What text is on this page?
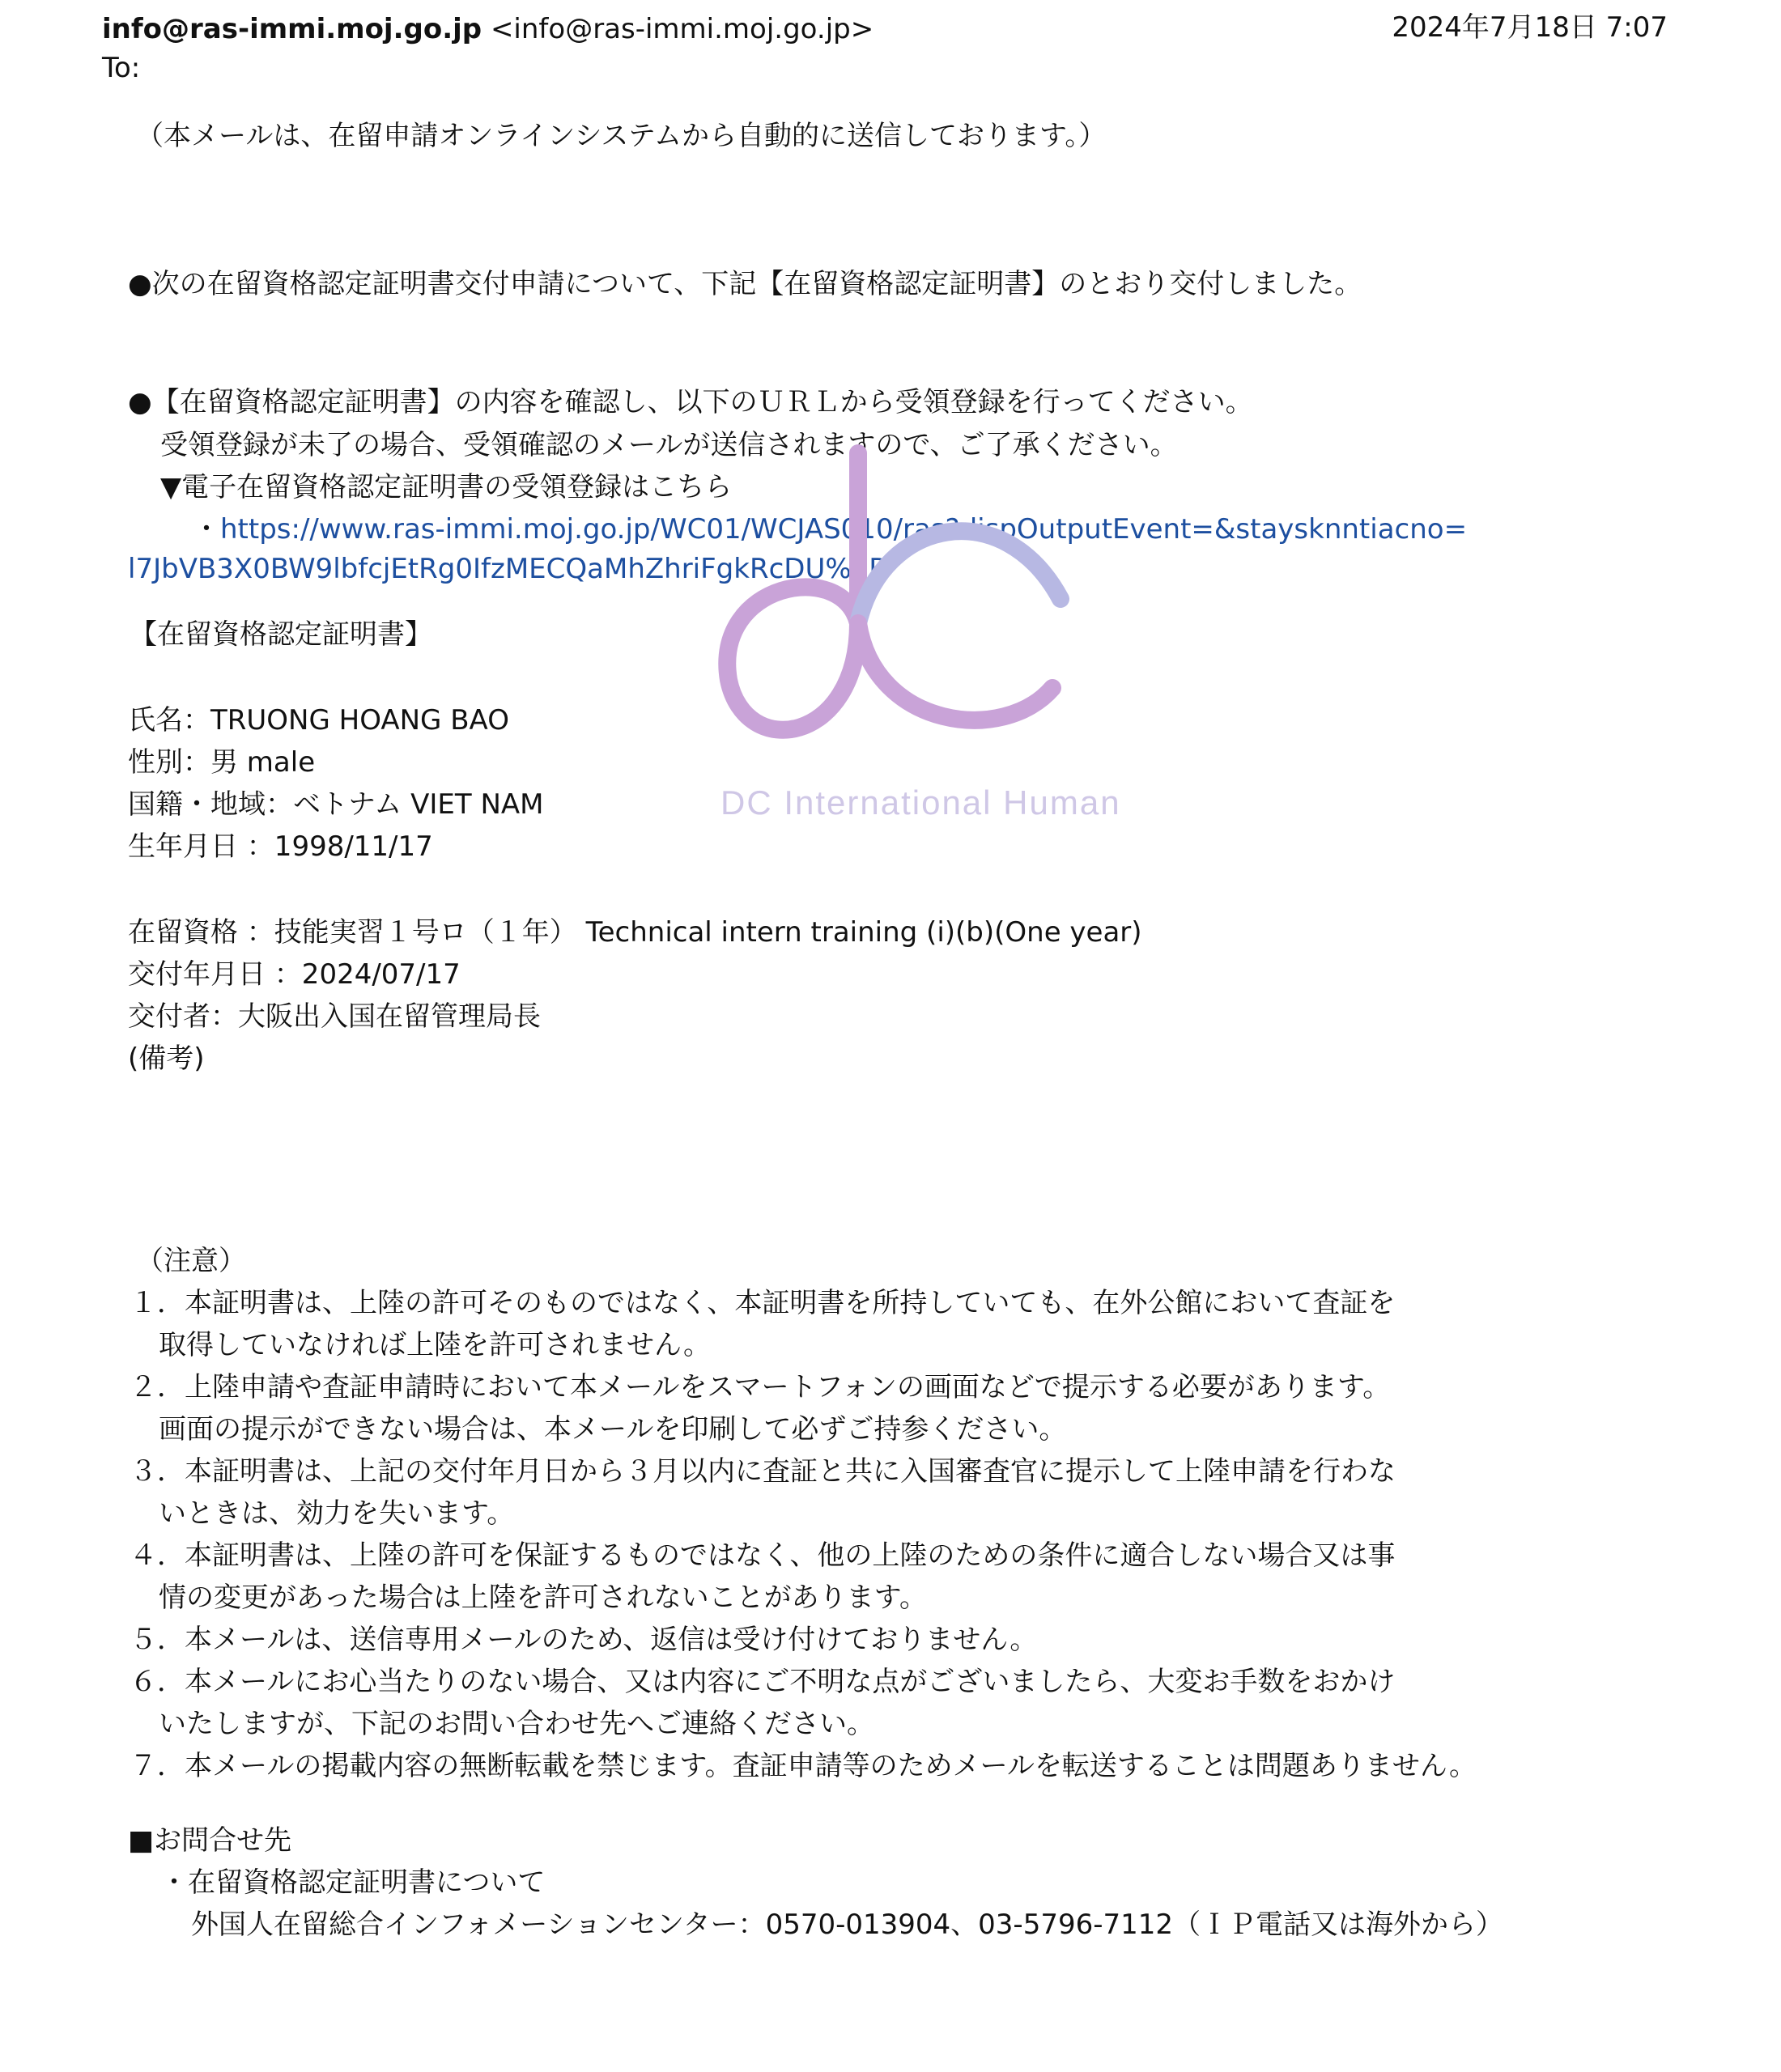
info@ras-immi.moj.go.jp <info@ras-immi.moj.go.jp>	2024年7月18日 7:07
To:
（本メールは、在留申請オンラインシステムから自動的に送信しております。）
●次の在留資格認定証明書交付申請について、下記【在留資格認定証明書】のとおり交付しました。
●【在留資格認定証明書】の内容を確認し、以下のＵＲＬから受領登録を行ってください。
受領登録が未了の場合、受領確認のメールが送信されますので、ご了承ください。
▼電子在留資格認定証明書の受領登録はこちら
・https://www.ras-immi.moj.go.jp/WC01/WCJAS010/ras?dispOutputEvent=&staysknntiacno=
l7JbVB3X0BW9lbfcjEtRg0IfzMECQaMhZhriFgkRcDU%3D
【在留資格認定証明書】
氏名：TRUONG HOANG BAO
性別：男 male
国籍・地域：ベトナム VIET NAM
生年月日 ：1998/11/17
在留資格 ：技能実習１号ロ（１年） Technical intern training (i)(b)(One year)
交付年月日 ：2024/07/17
交付者：大阪出入国在留管理局長
(備考)
（注意）
１．本証明書は、上陸の許可そのものではなく、本証明書を所持していても、在外公館において査証を
取得していなければ上陸を許可されません。
２．上陸申請や査証申請時において本メールをスマートフォンの画面などで提示する必要があります。
画面の提示ができない場合は、本メールを印刷して必ずご持参ください。
３．本証明書は、上記の交付年月日から３月以内に査証と共に入国審査官に提示して上陸申請を行わな
いときは、効力を失います。
４．本証明書は、上陸の許可を保証するものではなく、他の上陸のための条件に適合しない場合又は事
情の変更があった場合は上陸を許可されないことがあります。
５．本メールは、送信専用メールのため、返信は受け付けておりません。
６．本メールにお心当たりのない場合、又は内容にご不明な点がございましたら、大変お手数をおかけ
いたしますが、下記のお問い合わせ先へご連絡ください。
７．本メールの掲載内容の無断転載を禁じます。査証申請等のためメールを転送することは問題ありません。
■お問合せ先
・在留資格認定証明書について
外国人在留総合インフォメーションセンター：0570-013904、03-5796-7112（ＩＰ電話又は海外から）
DC International Human
